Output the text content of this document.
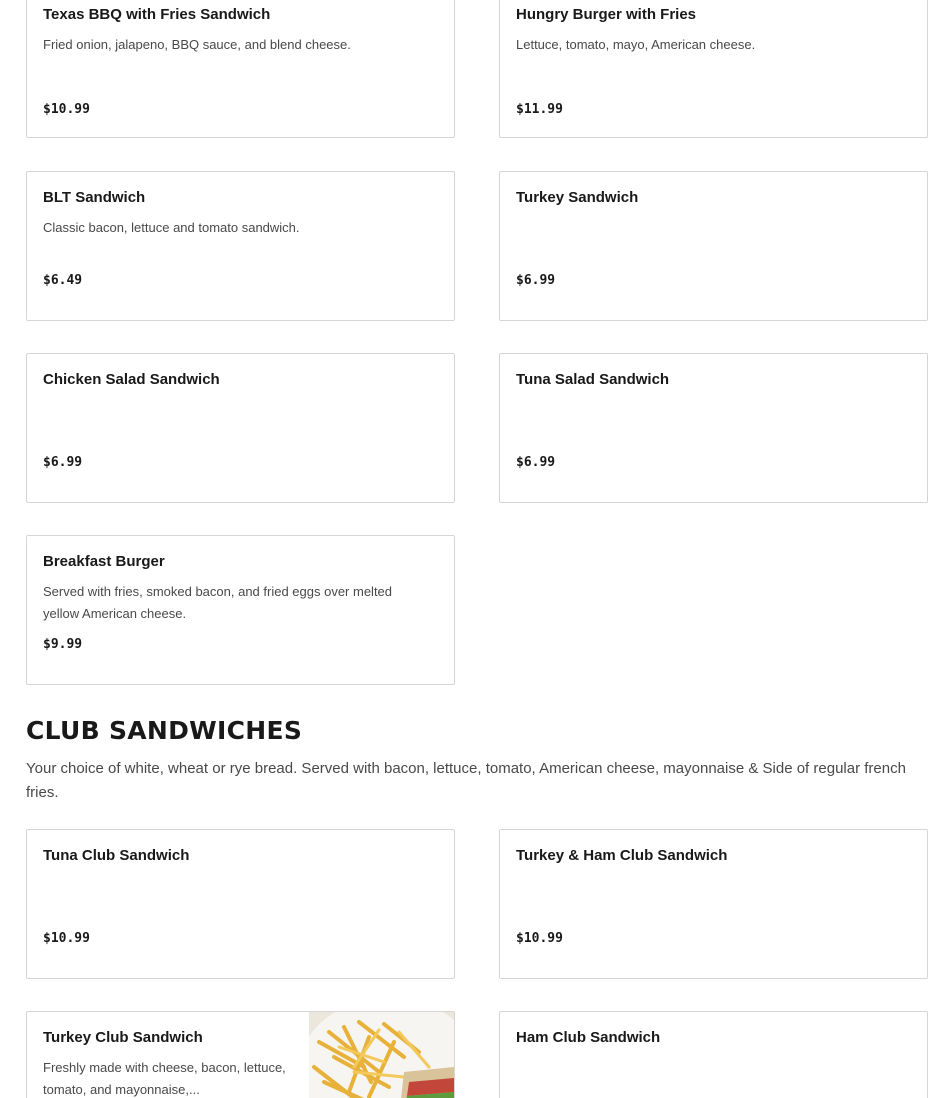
Texas BBQ with Fries Sandwich
Fried onion, jalapeno, BBQ sauce, and blend cheese.
$10.99
Hungry Burger with Fries
Lettuce, tomato, mayo, American cheese.
$11.99
BLT Sandwich
Classic bacon, lettuce and tomato sandwich.
$6.49
Turkey Sandwich
$6.99
Chicken Salad Sandwich
$6.99
Tuna Salad Sandwich
$6.99
Breakfast Burger
Served with fries, smoked bacon, and fried eggs over melted yellow American cheese.
$9.99
CLUB SANDWICHES

Your choice of white, wheat or rye bread. Served with bacon, lettuce, tomato, American cheese, mayonnaise & Side of regular french fries.

Tuna Club Sandwich
$10.99
Turkey & Ham Club Sandwich
$10.99
Turkey Club Sandwich
Freshly made with cheese, bacon, lettuce, tomato, and mayonnaise,...
Ham Club Sandwich
